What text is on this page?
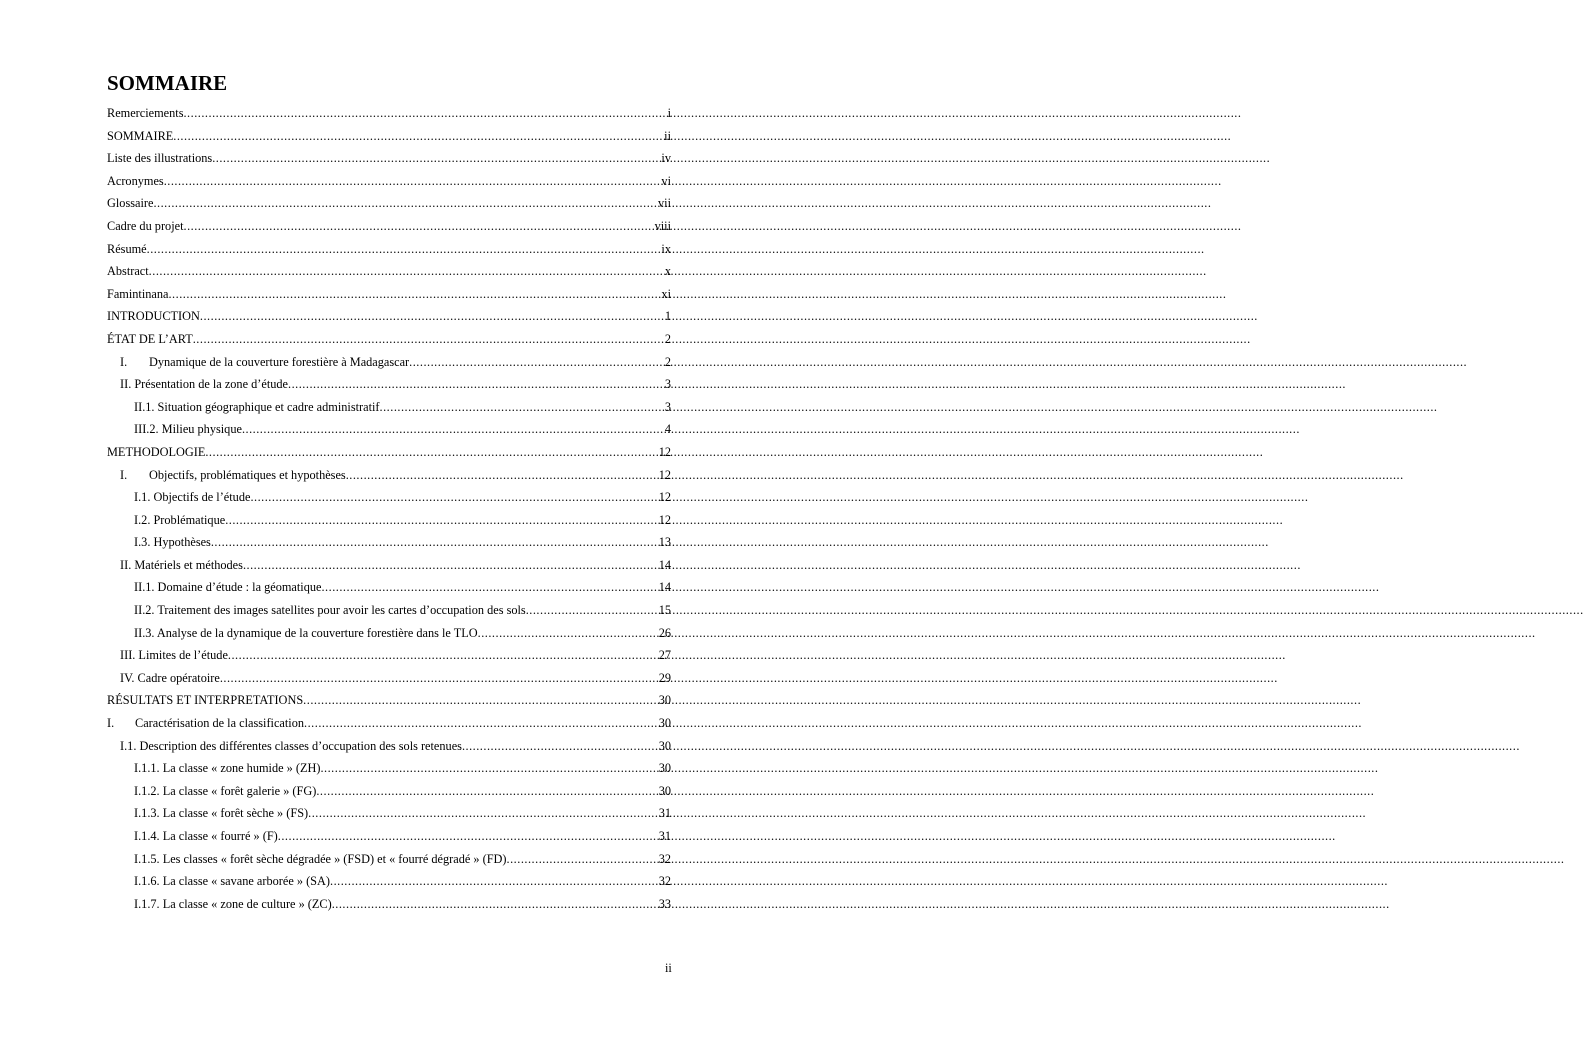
SOMMAIRE
Remerciements .....	i
SOMMAIRE .....	ii
Liste des illustrations .....	iv
Acronymes .....	vi
Glossaire .....	vii
Cadre du projet .....	viii
Résumé .....	ix
Abstract .....	x
Famintinana .....	xi
INTRODUCTION .....	1
ÉTAT DE L’ART .....	2
I.	Dynamique de la couverture forestière à Madagascar .....	2
II. Présentation de la zone d’étude .....	3
II.1. Situation géographique et cadre administratif .....	3
III.2. Milieu physique .....	4
METHODOLOGIE .....	12
I.	Objectifs, problématiques et hypothèses .....	12
I.1. Objectifs de l’étude .....	12
I.2. Problématique .....	12
I.3. Hypothèses .....	13
II. Matériels et méthodes .....	14
II.1. Domaine d’étude : la géomatique .....	14
II.2. Traitement des images satellites pour avoir les cartes d’occupation des sols .....	15
II.3. Analyse de la dynamique de la couverture forestière dans le TLO .....	26
III. Limites de l’étude .....	27
IV. Cadre opératoire .....	29
RÉSULTATS ET INTERPRETATIONS .....	30
I.	Caractérisation de la classification .....	30
I.1. Description des différentes classes d’occupation des sols retenues .....	30
I.1.1. La classe « zone humide » (ZH) .....	30
I.1.2. La classe « forêt galerie » (FG) .....	30
I.1.3. La classe « forêt sèche » (FS) .....	31
I.1.4. La classe « fourré » (F) .....	31
I.1.5. Les classes « forêt sèche dégradée » (FSD) et « fourré dégradé » (FD) .....	32
I.1.6. La classe « savane arborée » (SA) .....	32
I.1.7. La classe « zone de culture » (ZC) .....	33
ii
